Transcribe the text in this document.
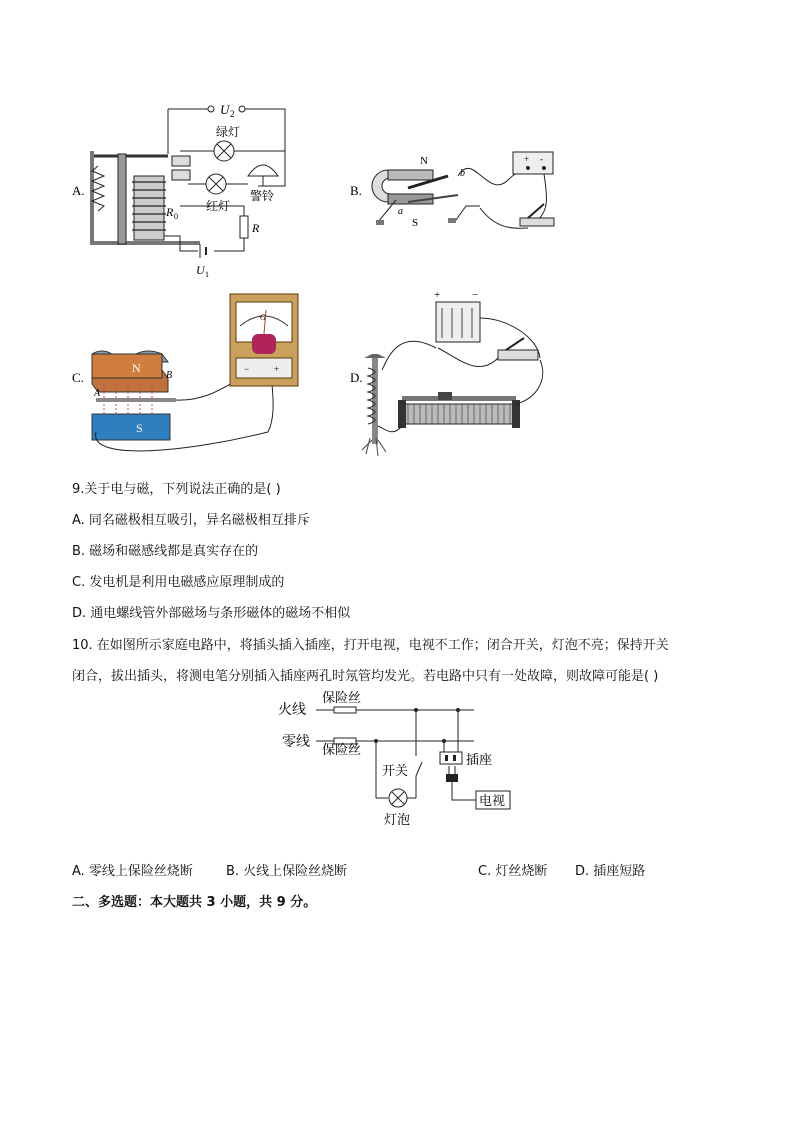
A.
U 2
绿灯
红灯
警铃
R 0
R
U 1
B.
N
S
b
a
+ -
C.
N
S
A
B
G
−	+
D.
+	−
9.关于电与磁，下列说法正确的是( )
A. 同名磁极相互吸引，异名磁极相互排斥
B. 磁场和磁感线都是真实存在的
C. 发电机是利用电磁感应原理制成的
D. 通电螺线管外部磁场与条形磁体的磁场不相似
10. 在如图所示家庭电路中，将插头插入插座，打开电视，电视不工作；闭合开关，灯泡不亮；保持开关
闭合，拔出插头，将测电笔分别插入插座两孔时氖管均发光。若电路中只有一处故障，则故障可能是( )
火线
零线
保险丝
保险丝
开关
灯泡
插座
电视
A. 零线上保险丝烧断	B. 火线上保险丝烧断	C. 灯丝烧断 D. 插座短路
二、多选题：本大题共 3 小题，共 9 分。
